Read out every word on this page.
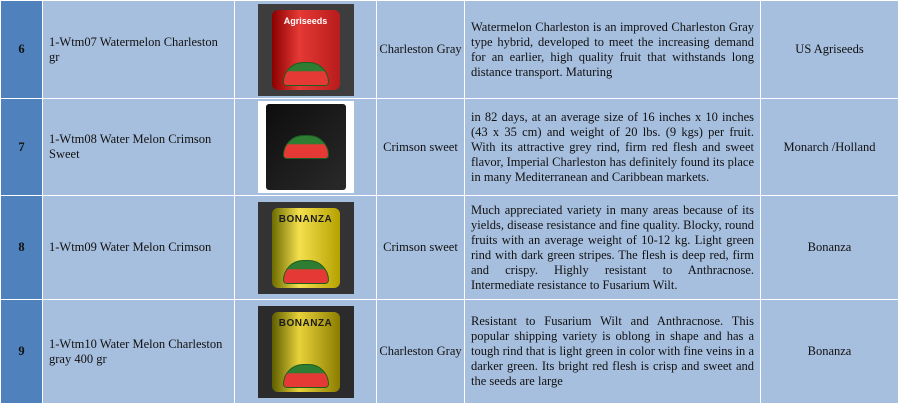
6	1-Wtm07 Watermelon Charleston gr	Agriseeds	Charleston Gray	Watermelon Charleston is an improved Charleston Gray type hybrid, developed to meet the increasing demand for an earlier, high quality fruit that withstands long distance transport. Maturing	US Agriseeds
7	1-Wtm08 Water Melon Crimson Sweet		Crimson sweet	in 82 days, at an average size of 16 inches x 10 inches (43 x 35 cm) and weight of 20 lbs. (9 kgs) per fruit. With its attractive grey rind, firm red flesh and sweet flavor, Imperial Charleston has definitely found its place in many Mediterranean and Caribbean markets.	Monarch /Holland
8	1-Wtm09 Water Melon Crimson	BONANZA	Crimson sweet	Much appreciated variety in many areas because of its yields, disease resistance and fine quality. Blocky, round fruits with an average weight of 10-12 kg. Light green rind with dark green stripes. The flesh is deep red, firm and crispy. Highly resistant to Anthracnose. Intermediate resistance to Fusarium Wilt.	Bonanza
9	1-Wtm10 Water Melon Charleston gray 400 gr	BONANZA	Charleston Gray	Resistant to Fusarium Wilt and Anthracnose. This popular shipping variety is oblong in shape and has a tough rind that is light green in color with fine veins in a darker green. Its bright red flesh is crisp and sweet and the seeds are large	Bonanza
